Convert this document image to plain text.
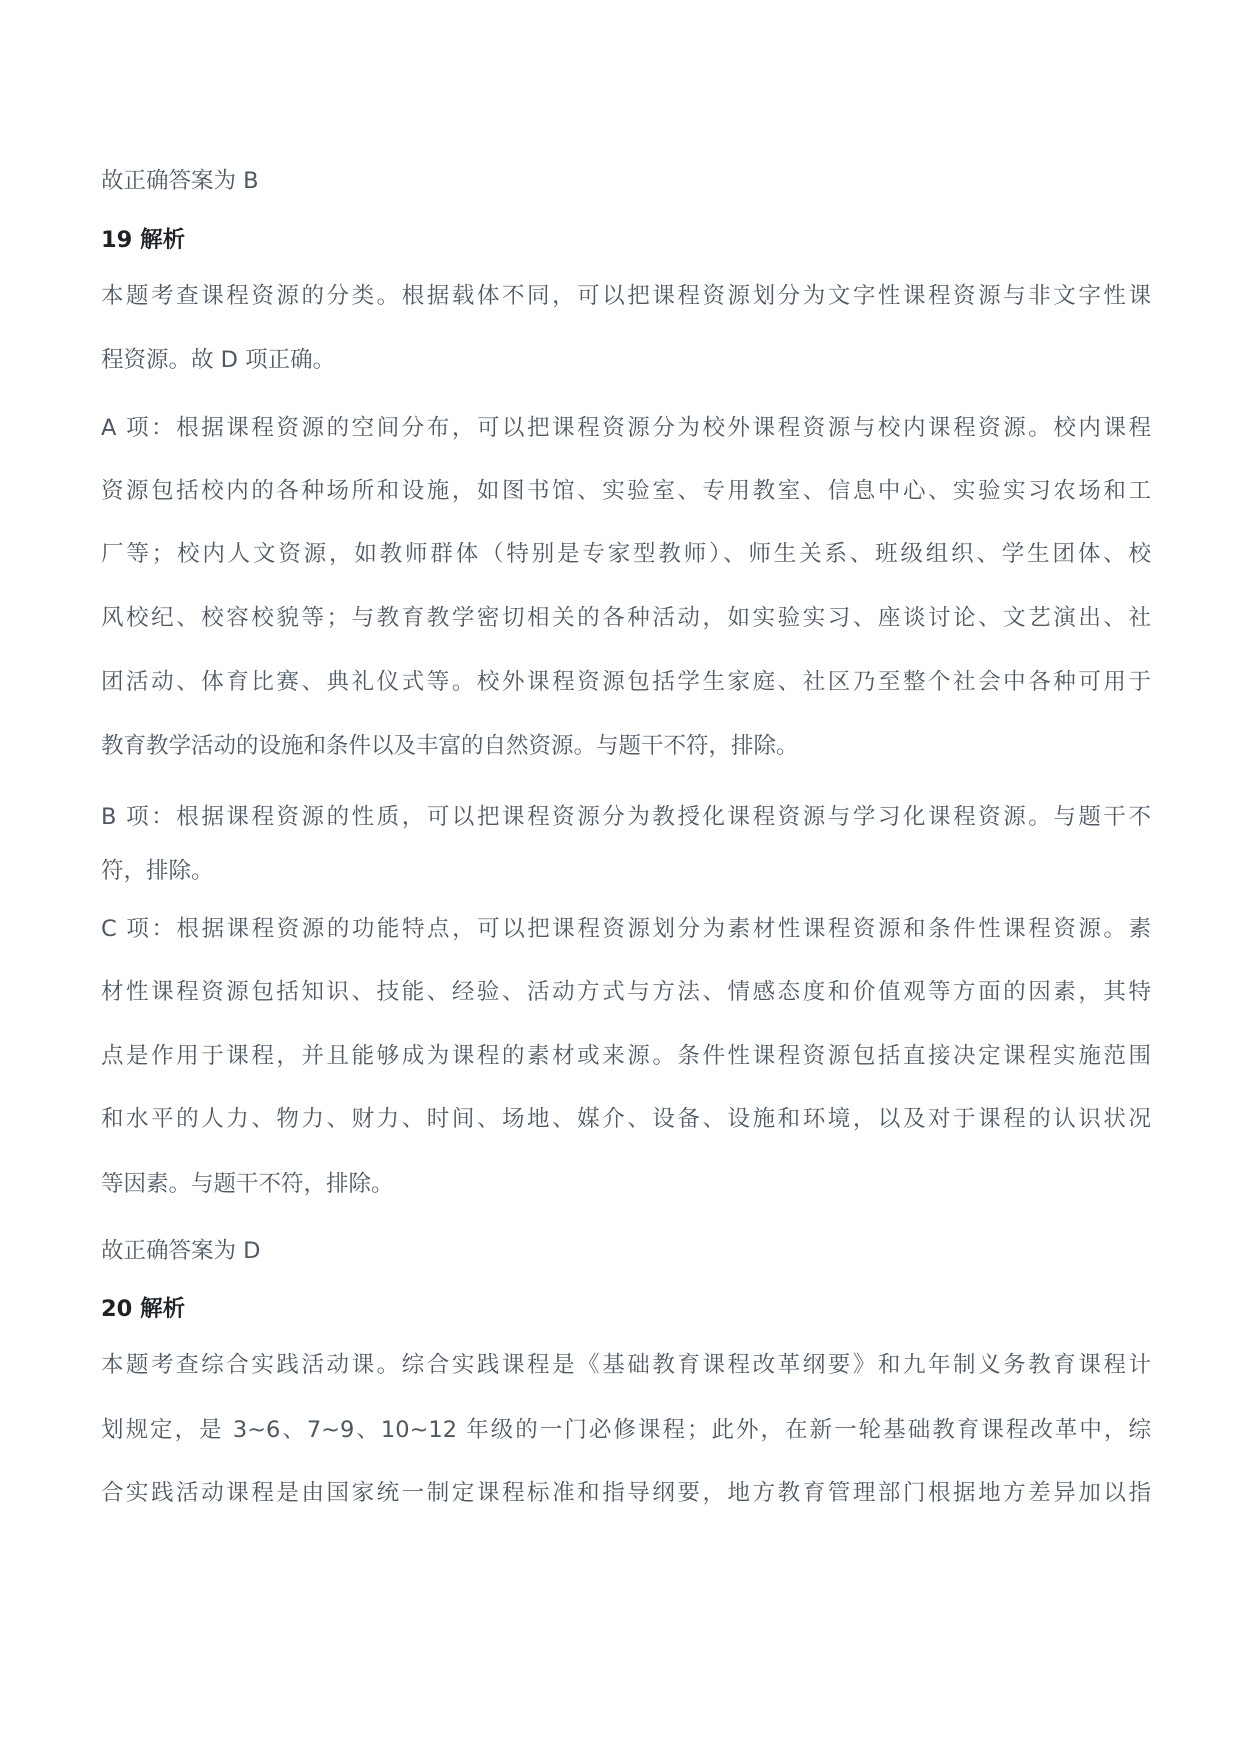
故正确答案为 B
19 解析
本题考查课程资源的分类。根据载体不同，可以把课程资源划分为文字性课程资源与非文字性课
程资源。故 D 项正确。
A 项：根据课程资源的空间分布，可以把课程资源分为校外课程资源与校内课程资源。校内课程
资源包括校内的各种场所和设施，如图书馆、实验室、专用教室、信息中心、实验实习农场和工
厂等；校内人文资源，如教师群体（特别是专家型教师）、师生关系、班级组织、学生团体、校
风校纪、校容校貌等；与教育教学密切相关的各种活动，如实验实习、座谈讨论、文艺演出、社
团活动、体育比赛、典礼仪式等。校外课程资源包括学生家庭、社区乃至整个社会中各种可用于
教育教学活动的设施和条件以及丰富的自然资源。与题干不符，排除。
B 项：根据课程资源的性质，可以把课程资源分为教授化课程资源与学习化课程资源。与题干不
符，排除。
C 项：根据课程资源的功能特点，可以把课程资源划分为素材性课程资源和条件性课程资源。素
材性课程资源包括知识、技能、经验、活动方式与方法、情感态度和价值观等方面的因素，其特
点是作用于课程，并且能够成为课程的素材或来源。条件性课程资源包括直接决定课程实施范围
和水平的人力、物力、财力、时间、场地、媒介、设备、设施和环境，以及对于课程的认识状况
等因素。与题干不符，排除。
故正确答案为 D
20 解析
本题考查综合实践活动课。综合实践课程是《基础教育课程改革纲要》和九年制义务教育课程计
划规定，是 3~6、7~9、10~12 年级的一门必修课程；此外，在新一轮基础教育课程改革中，综
合实践活动课程是由国家统一制定课程标准和指导纲要，地方教育管理部门根据地方差异加以指
